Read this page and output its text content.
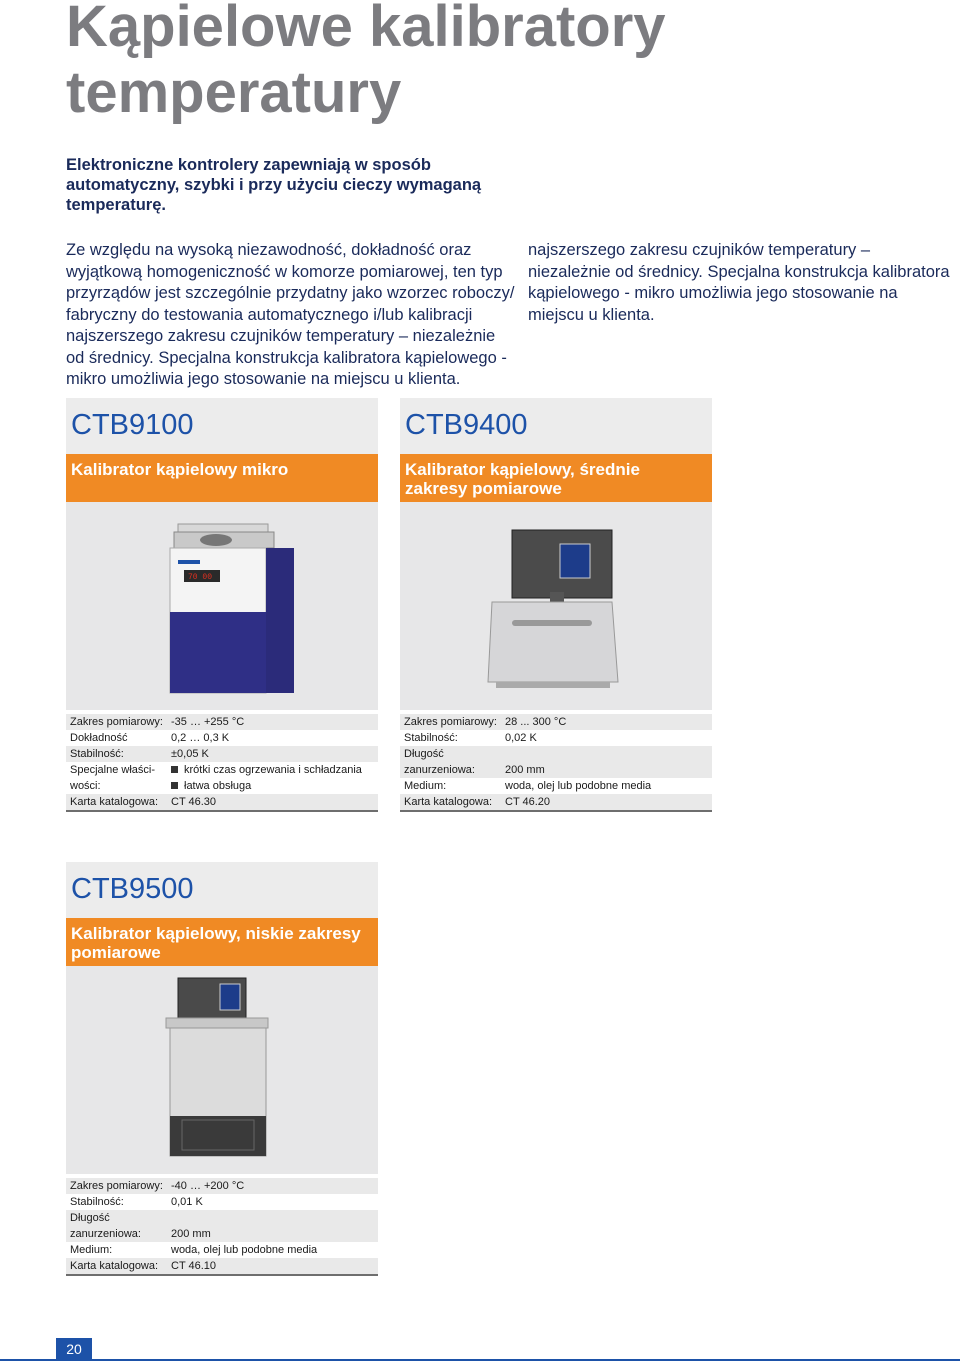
Kąpielowe kalibratory
temperatury
Elektroniczne kontrolery zapewniają w sposób automatyczny, szybki i przy użyciu cieczy wymaganą temperaturę.
Ze względu na wysoką niezawodność, dokładność oraz wyjątkową homogeniczność w komorze pomiarowej, ten typ przyrządów jest szczególnie przydatny jako wzorzec roboczy/ fabryczny do testowania automatycznego i/lub kalibracji najszerszego zakresu czujników temperatury – niezależnie od średnicy. Specjalna konstrukcja kalibratora kąpielowego - mikro umożliwia jego stosowanie na miejscu u klienta.
najszerszego zakresu czujników temperatury – niezależnie od średnicy. Specjalna konstrukcja kalibratora kąpielowego - mikro umożliwia jego stosowanie na miejscu u klienta.
CTB9100
Kalibrator kąpielowy mikro
70 00
Zakres pomiarowy: -35 … +255 °C
Dokładność	0,2 … 0,3 K
Stabilność:	±0,05 K
Specjalne właści-	krótki czas ogrzewania i schładzania
wości:	łatwa obsługa
Karta katalogowa:	CT 46.30
CTB9400
Kalibrator kąpielowy, średnie zakresy pomiarowe
Zakres pomiarowy: 28 ... 300 °C
Stabilność:	0,02 K
Długość
zanurzeniowa:	200 mm
Medium:	woda, olej lub podobne media
Karta katalogowa:	CT 46.20
CTB9500
Kalibrator kąpielowy, niskie zakresy pomiarowe
Zakres pomiarowy: -40 … +200 °C
Stabilność:	0,01 K
Długość
zanurzeniowa:	200 mm
Medium:	woda, olej lub podobne media
Karta katalogowa:	CT 46.10
20
